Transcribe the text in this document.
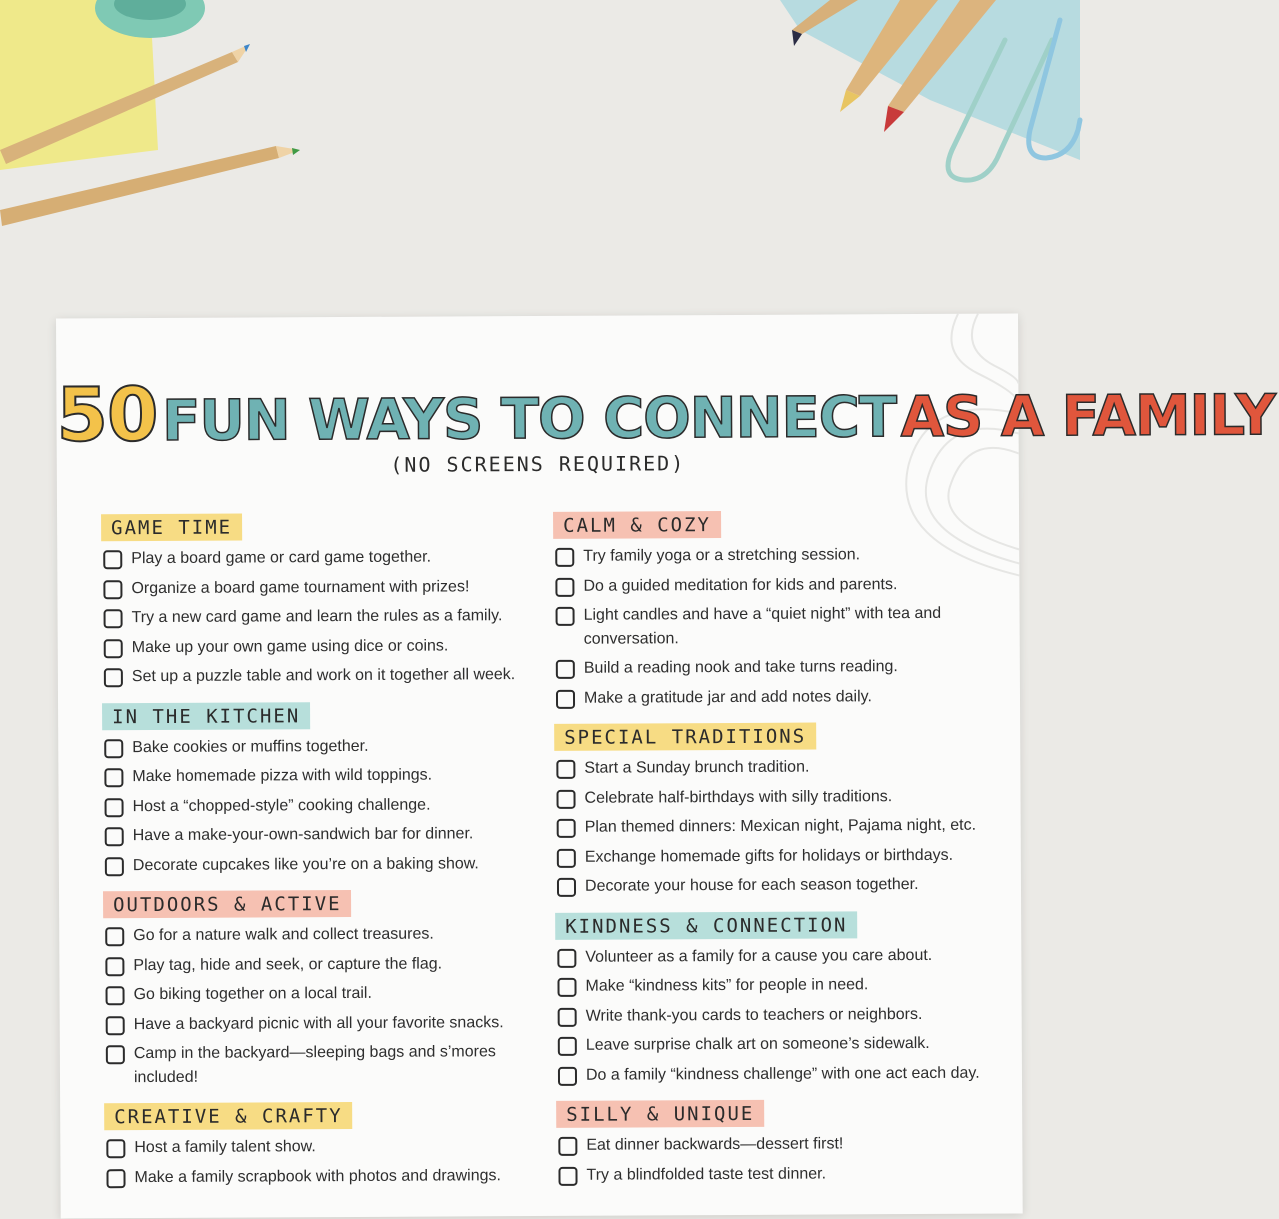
50 FUN WAYS TO CONNECT AS A FAMILY
(NO SCREENS REQUIRED)
GAME TIME
Play a board game or card game together.
Organize a board game tournament with prizes!
Try a new card game and learn the rules as a family.
Make up your own game using dice or coins.
Set up a puzzle table and work on it together all week.
IN THE KITCHEN
Bake cookies or muffins together.
Make homemade pizza with wild toppings.
Host a “chopped-style” cooking challenge.
Have a make-your-own-sandwich bar for dinner.
Decorate cupcakes like you’re on a baking show.
OUTDOORS & ACTIVE
Go for a nature walk and collect treasures.
Play tag, hide and seek, or capture the flag.
Go biking together on a local trail.
Have a backyard picnic with all your favorite snacks.
Camp in the backyard—sleeping bags and s’mores included!
CREATIVE & CRAFTY
Host a family talent show.
Make a family scrapbook with photos and drawings.
CALM & COZY
Try family yoga or a stretching session.
Do a guided meditation for kids and parents.
Light candles and have a “quiet night” with tea and conversation.
Build a reading nook and take turns reading.
Make a gratitude jar and add notes daily.
SPECIAL TRADITIONS
Start a Sunday brunch tradition.
Celebrate half-birthdays with silly traditions.
Plan themed dinners: Mexican night, Pajama night, etc.
Exchange homemade gifts for holidays or birthdays.
Decorate your house for each season together.
KINDNESS & CONNECTION
Volunteer as a family for a cause you care about.
Make “kindness kits” for people in need.
Write thank-you cards to teachers or neighbors.
Leave surprise chalk art on someone’s sidewalk.
Do a family “kindness challenge” with one act each day.
SILLY & UNIQUE
Eat dinner backwards—dessert first!
Try a blindfolded taste test dinner.
